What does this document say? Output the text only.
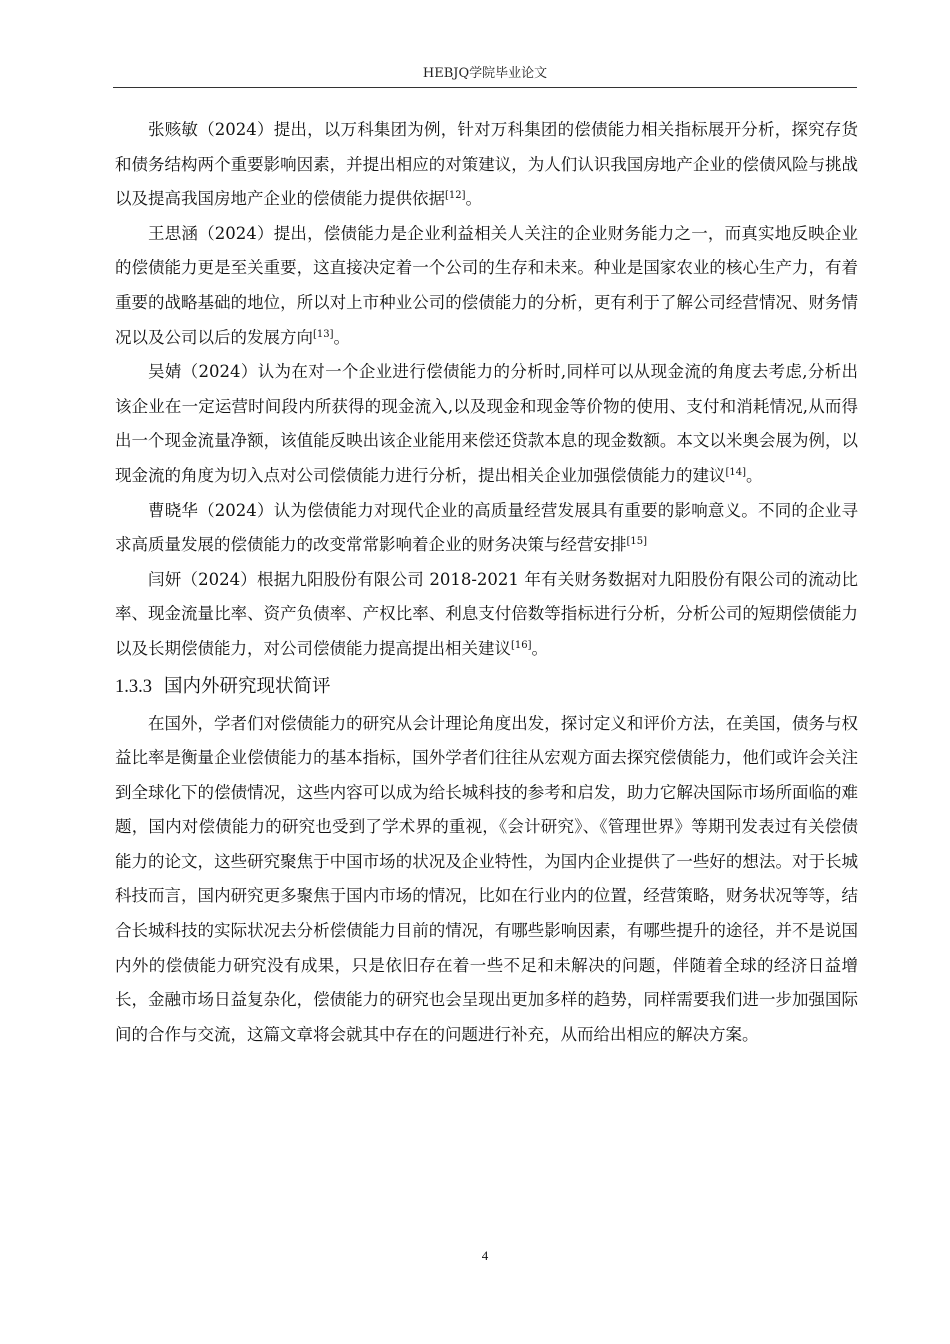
HEBJQ学院毕业论文

张赅敏（2024）提出，以万科集团为例，针对万科集团的偿债能力相关指标展开分析，探究存货和债务结构两个重要影响因素，并提出相应的对策建议，为人们认识我国房地产企业的偿债风险与挑战以及提高我国房地产企业的偿债能力提供依据[12]。

王思涵（2024）提出，偿债能力是企业利益相关人关注的企业财务能力之一，而真实地反映企业的偿债能力更是至关重要，这直接决定着一个公司的生存和未来。种业是国家农业的核心生产力，有着重要的战略基础的地位，所以对上市种业公司的偿债能力的分析，更有利于了解公司经营情况、财务情况以及公司以后的发展方向[13]。

吴婧（2024）认为在对一个企业进行偿债能力的分析时,同样可以从现金流的角度去考虑,分析出该企业在一定运营时间段内所获得的现金流入,以及现金和现金等价物的使用、支付和消耗情况,从而得出一个现金流量净额，该值能反映出该企业能用来偿还贷款本息的现金数额。本文以米奥会展为例，以现金流的角度为切入点对公司偿债能力进行分析，提出相关企业加强偿债能力的建议[14]。

曹晓华（2024）认为偿债能力对现代企业的高质量经营发展具有重要的影响意义。不同的企业寻求高质量发展的偿债能力的改变常常影响着企业的财务决策与经营安排[15]

闫妍（2024）根据九阳股份有限公司 2018-2021 年有关财务数据对九阳股份有限公司的流动比率、现金流量比率、资产负债率、产权比率、利息支付倍数等指标进行分析，分析公司的短期偿债能力以及长期偿债能力，对公司偿债能力提高提出相关建议[16]。

1.3.3 国内外研究现状简评

在国外，学者们对偿债能力的研究从会计理论角度出发，探讨定义和评价方法，在美国，债务与权益比率是衡量企业偿债能力的基本指标，国外学者们往往从宏观方面去探究偿债能力，他们或许会关注到全球化下的偿债情况，这些内容可以成为给长城科技的参考和启发，助力它解决国际市场所面临的难题，国内对偿债能力的研究也受到了学术界的重视，《会计研究》、《管理世界》等期刊发表过有关偿债能力的论文，这些研究聚焦于中国市场的状况及企业特性，为国内企业提供了一些好的想法。对于长城科技而言，国内研究更多聚焦于国内市场的情况，比如在行业内的位置，经营策略，财务状况等等，结合长城科技的实际状况去分析偿债能力目前的情况，有哪些影响因素，有哪些提升的途径，并不是说国内外的偿债能力研究没有成果，只是依旧存在着一些不足和未解决的问题，伴随着全球的经济日益增长，金融市场日益复杂化，偿债能力的研究也会呈现出更加多样的趋势，同样需要我们进一步加强国际间的合作与交流，这篇文章将会就其中存在的问题进行补充，从而给出相应的解决方案。

4
